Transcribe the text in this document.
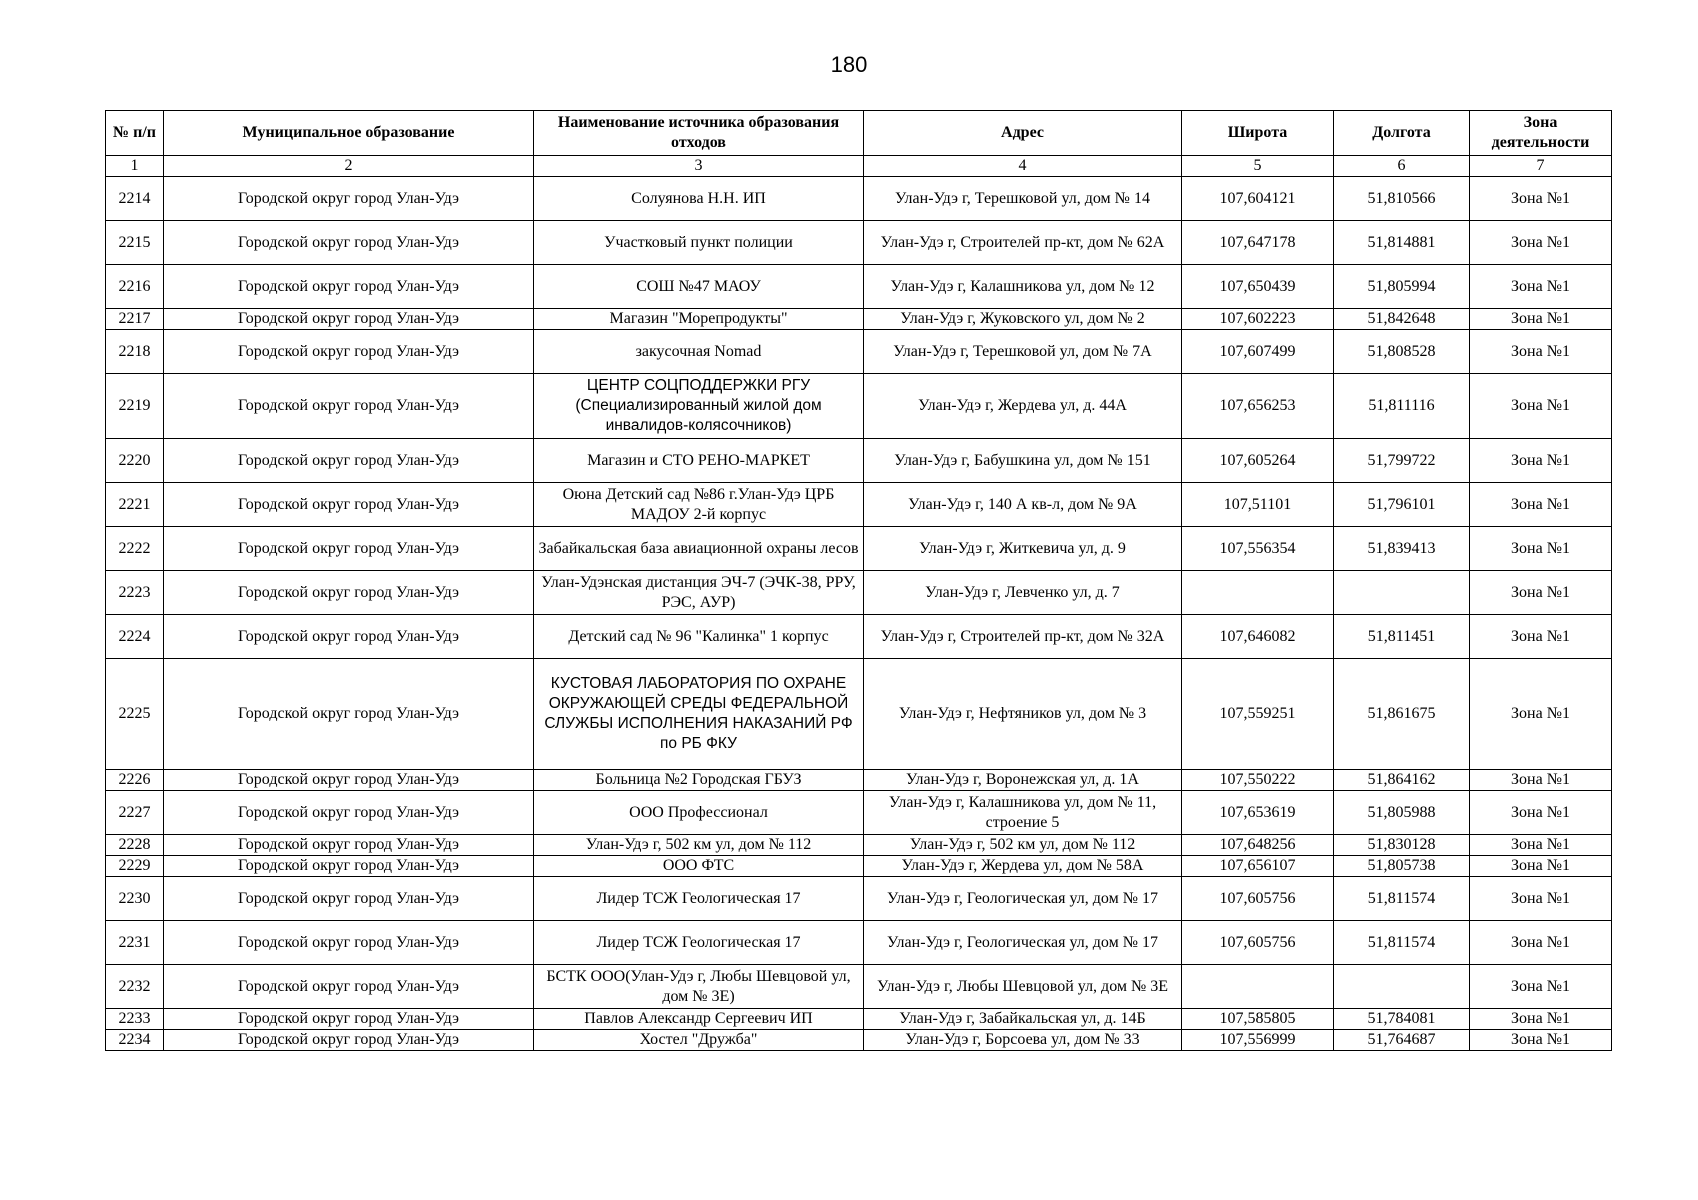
180
№ п/п	Муниципальное образование	Наименование источника образования отходов	Адрес	Широта	Долгота	Зона деятельности
1	2	3	4	5	6	7
2214	Городской округ город Улан-Удэ	Солуянова Н.Н. ИП	Улан-Удэ г, Терешковой ул, дом № 14	107,604121	51,810566	Зона №1
2215	Городской округ город Улан-Удэ	Участковый пункт полиции	Улан-Удэ г, Строителей пр-кт, дом № 62А	107,647178	51,814881	Зона №1
2216	Городской округ город Улан-Удэ	СОШ №47 МАОУ	Улан-Удэ г, Калашникова ул, дом № 12	107,650439	51,805994	Зона №1
2217	Городской округ город Улан-Удэ	Магазин "Морепродукты"	Улан-Удэ г, Жуковского ул, дом № 2	107,602223	51,842648	Зона №1
2218	Городской округ город Улан-Удэ	закусочная Nomad	Улан-Удэ г, Терешковой ул, дом № 7А	107,607499	51,808528	Зона №1
2219	Городской округ город Улан-Удэ	ЦЕНТР СОЦПОДДЕРЖКИ РГУ (Специализированный жилой дом инвалидов-колясочников)	Улан-Удэ г, Жердева ул, д. 44А	107,656253	51,811116	Зона №1
2220	Городской округ город Улан-Удэ	Магазин и СТО РЕНО-МАРКЕТ	Улан-Удэ г, Бабушкина ул, дом № 151	107,605264	51,799722	Зона №1
2221	Городской округ город Улан-Удэ	Оюна Детский сад №86 г.Улан-Удэ ЦРБ МАДОУ 2-й корпус	Улан-Удэ г, 140 А кв-л, дом № 9А	107,51101	51,796101	Зона №1
2222	Городской округ город Улан-Удэ	Забайкальская база авиационной охраны лесов	Улан-Удэ г, Житкевича ул, д. 9	107,556354	51,839413	Зона №1
2223	Городской округ город Улан-Удэ	Улан-Удэнская дистанция ЭЧ-7 (ЭЧК-38, РРУ, РЭС, АУР)	Улан-Удэ г, Левченко ул, д. 7			Зона №1
2224	Городской округ город Улан-Удэ	Детский сад № 96 "Калинка" 1 корпус	Улан-Удэ г, Строителей пр-кт, дом № 32А	107,646082	51,811451	Зона №1
2225	Городской округ город Улан-Удэ	КУСТОВАЯ ЛАБОРАТОРИЯ ПО ОХРАНЕ ОКРУЖАЮЩЕЙ СРЕДЫ ФЕДЕРАЛЬНОЙ СЛУЖБЫ ИСПОЛНЕНИЯ НАКАЗАНИЙ РФ по РБ ФКУ	Улан-Удэ г, Нефтяников ул, дом № 3	107,559251	51,861675	Зона №1
2226	Городской округ город Улан-Удэ	Больница №2 Городская ГБУЗ	Улан-Удэ г, Воронежская ул, д. 1А	107,550222	51,864162	Зона №1
2227	Городской округ город Улан-Удэ	ООО Профессионал	Улан-Удэ г, Калашникова ул, дом № 11, строение 5	107,653619	51,805988	Зона №1
2228	Городской округ город Улан-Удэ	Улан-Удэ г, 502 км ул, дом № 112	Улан-Удэ г, 502 км ул, дом № 112	107,648256	51,830128	Зона №1
2229	Городской округ город Улан-Удэ	ООО ФТС	Улан-Удэ г, Жердева ул, дом № 58А	107,656107	51,805738	Зона №1
2230	Городской округ город Улан-Удэ	Лидер ТСЖ Геологическая 17	Улан-Удэ г, Геологическая ул, дом № 17	107,605756	51,811574	Зона №1
2231	Городской округ город Улан-Удэ	Лидер ТСЖ Геологическая 17	Улан-Удэ г, Геологическая ул, дом № 17	107,605756	51,811574	Зона №1
2232	Городской округ город Улан-Удэ	БСТК ООО(Улан-Удэ г, Любы Шевцовой ул, дом № 3Е)	Улан-Удэ г, Любы Шевцовой ул, дом № 3Е			Зона №1
2233	Городской округ город Улан-Удэ	Павлов Александр Сергеевич ИП	Улан-Удэ г, Забайкальская ул, д. 14Б	107,585805	51,784081	Зона №1
2234	Городской округ город Улан-Удэ	Хостел "Дружба"	Улан-Удэ г, Борсоева ул, дом № 33	107,556999	51,764687	Зона №1
